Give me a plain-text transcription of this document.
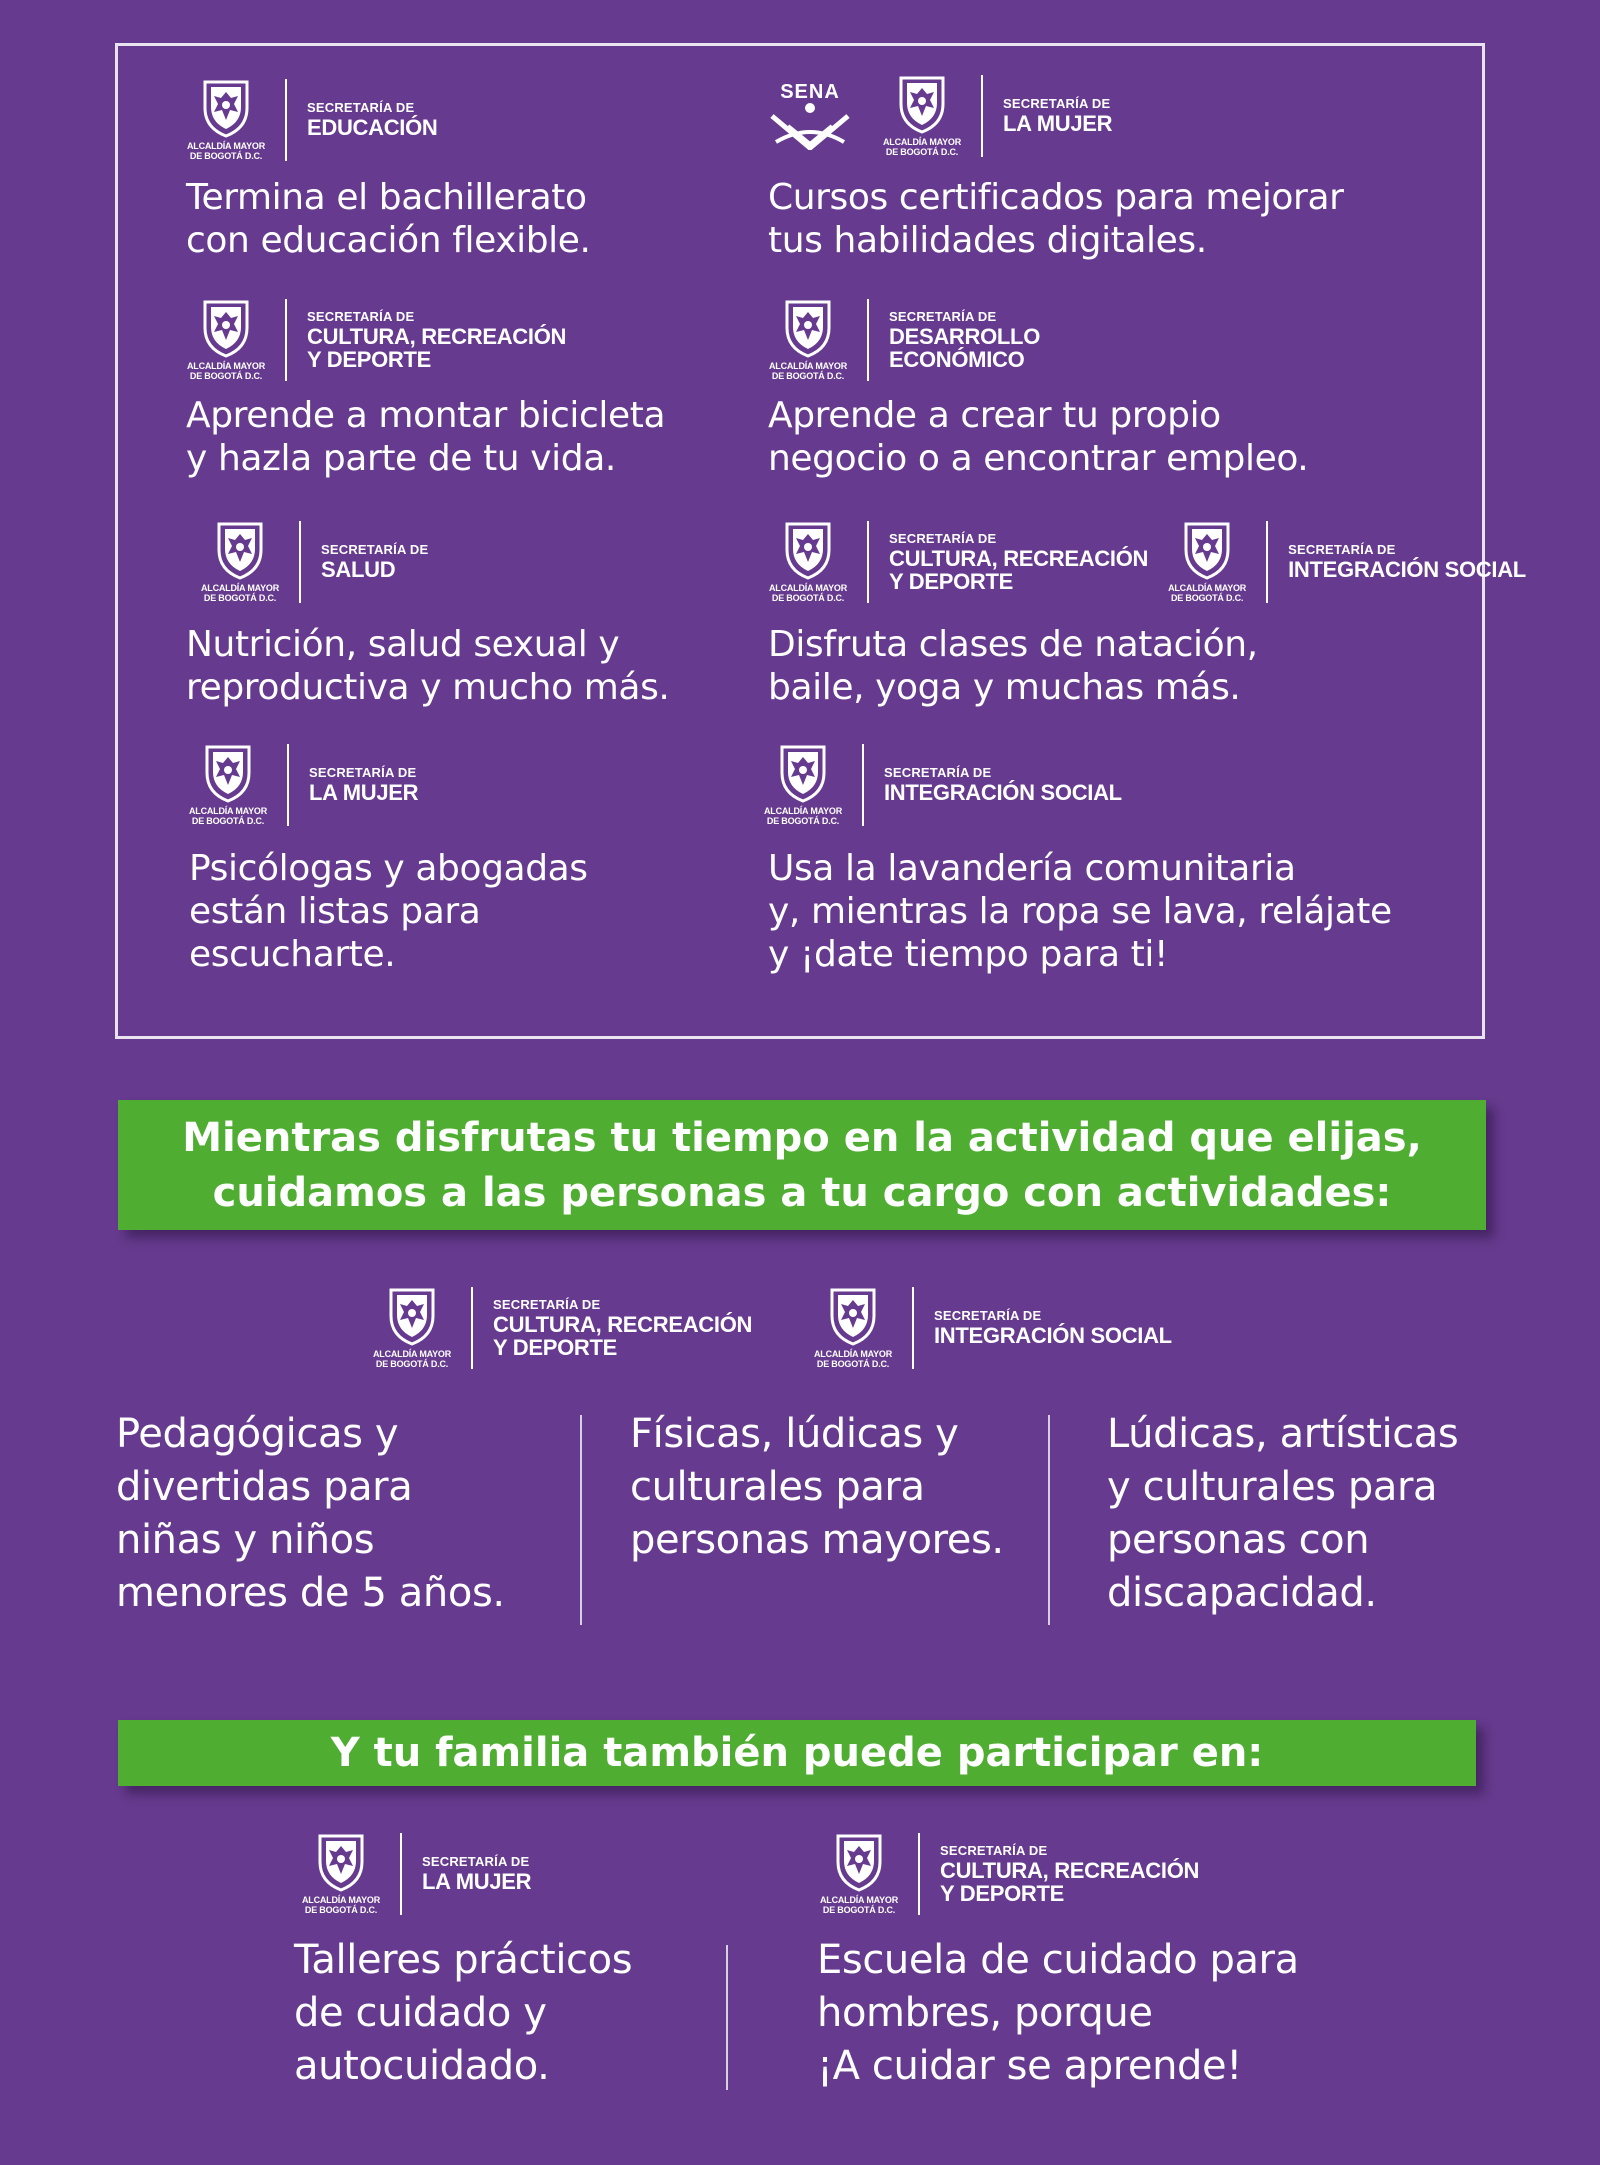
ALCALDÍA MAYOR
DE BOGOTÁ D.C.
SECRETARÍA DE
EDUCACIÓN
Termina el bachillerato
con educación flexible.
SENA
ALCALDÍA MAYOR
DE BOGOTÁ D.C.
SECRETARÍA DE
LA MUJER
Cursos certificados para mejorar
tus habilidades digitales.
ALCALDÍA MAYOR
DE BOGOTÁ D.C.
SECRETARÍA DE
CULTURA, RECREACIÓN
Y DEPORTE
Aprende a montar bicicleta
y hazla parte de tu vida.
ALCALDÍA MAYOR
DE BOGOTÁ D.C.
SECRETARÍA DE
DESARROLLO
ECONÓMICO
Aprende a crear tu propio
negocio o a encontrar empleo.
ALCALDÍA MAYOR
DE BOGOTÁ D.C.
SECRETARÍA DE
SALUD
Nutrición, salud sexual y
reproductiva y mucho más.
ALCALDÍA MAYOR
DE BOGOTÁ D.C.
SECRETARÍA DE
CULTURA, RECREACIÓN
Y DEPORTE	ALCALDÍA MAYOR
DE BOGOTÁ D.C.
SECRETARÍA DE
INTEGRACIÓN SOCIAL
Disfruta clases de natación,
baile, yoga y muchas más.
ALCALDÍA MAYOR
DE BOGOTÁ D.C.
SECRETARÍA DE
LA MUJER
Psicólogas y abogadas
están listas para
escucharte.
ALCALDÍA MAYOR
DE BOGOTÁ D.C.
SECRETARÍA DE
INTEGRACIÓN SOCIAL
Usa la lavandería comunitaria
y, mientras la ropa se lava, relájate
y ¡date tiempo para ti!
Mientras disfrutas tu tiempo en la actividad que elijas,
cuidamos a las personas a tu cargo con actividades:
ALCALDÍA MAYOR
DE BOGOTÁ D.C.
SECRETARÍA DE
CULTURA, RECREACIÓN
Y DEPORTE	ALCALDÍA MAYOR
DE BOGOTÁ D.C.
SECRETARÍA DE
INTEGRACIÓN SOCIAL
Pedagógicas y
divertidas para
niñas y niños
menores de 5 años.
Físicas, lúdicas y
culturales para
personas mayores.
Lúdicas, artísticas
y culturales para
personas con
discapacidad.
Y tu familia también puede participar en:
ALCALDÍA MAYOR
DE BOGOTÁ D.C.
SECRETARÍA DE
LA MUJER
ALCALDÍA MAYOR
DE BOGOTÁ D.C.
SECRETARÍA DE
CULTURA, RECREACIÓN
Y DEPORTE
Talleres prácticos
de cuidado y
autocuidado.
Escuela de cuidado para
hombres, porque
¡A cuidar se aprende!
